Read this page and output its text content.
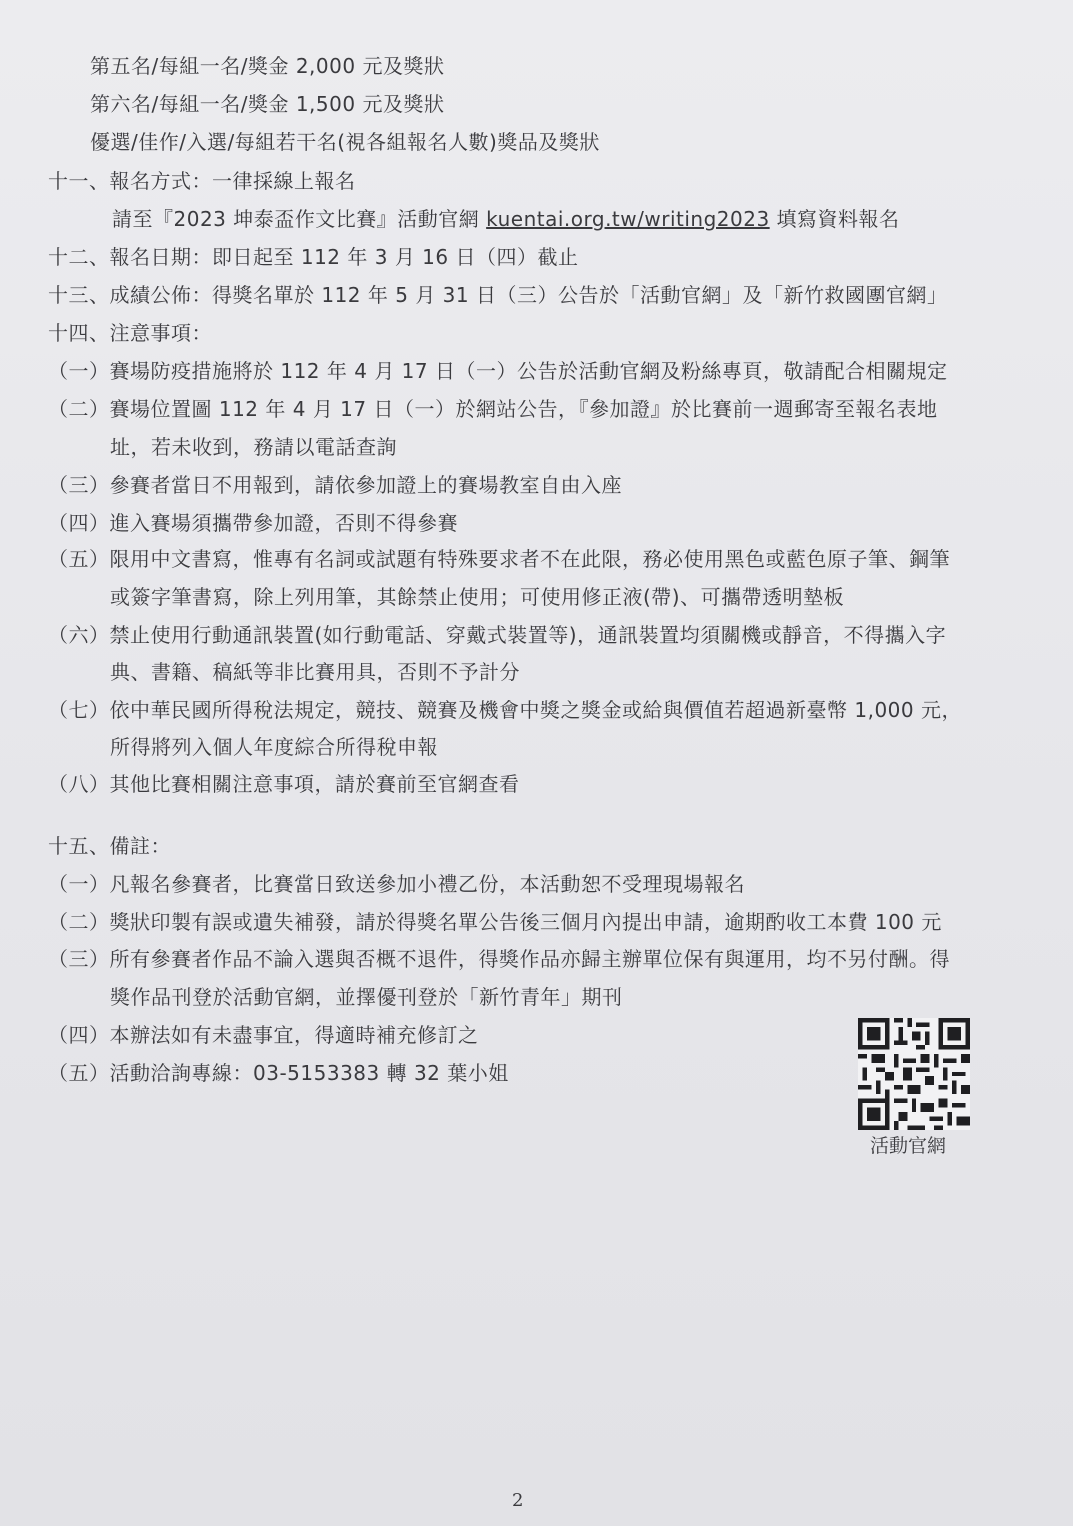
第五名/每組一名/獎金 2,000 元及獎狀
第六名/每組一名/獎金 1,500 元及獎狀
優選/佳作/入選/每組若干名(視各組報名人數)獎品及獎狀
十一、報名方式：一律採線上報名
請至『2023 坤泰盃作文比賽』活動官網 kuentai.org.tw/writing2023 填寫資料報名
十二、報名日期：即日起至 112 年 3 月 16 日（四）截止
十三、成績公佈：得獎名單於 112 年 5 月 31 日（三）公告於「活動官網」及「新竹救國團官網」
十四、注意事項：
（一）賽場防疫措施將於 112 年 4 月 17 日（一）公告於活動官網及粉絲專頁，敬請配合相關規定
（二）賽場位置圖 112 年 4 月 17 日（一）於網站公告，『參加證』於比賽前一週郵寄至報名表地
址，若未收到，務請以電話查詢
（三）參賽者當日不用報到，請依參加證上的賽場教室自由入座
（四）進入賽場須攜帶參加證，否則不得參賽
（五）限用中文書寫，惟專有名詞或試題有特殊要求者不在此限，務必使用黑色或藍色原子筆、鋼筆
或簽字筆書寫，除上列用筆，其餘禁止使用；可使用修正液(帶)、可攜帶透明墊板
（六）禁止使用行動通訊裝置(如行動電話、穿戴式裝置等)，通訊裝置均須關機或靜音，不得攜入字
典、書籍、稿紙等非比賽用具，否則不予計分
（七）依中華民國所得稅法規定，競技、競賽及機會中獎之獎金或給與價值若超過新臺幣 1,000 元，
所得將列入個人年度綜合所得稅申報
（八）其他比賽相關注意事項，請於賽前至官網查看
十五、備註：
（一）凡報名參賽者，比賽當日致送參加小禮乙份，本活動恕不受理現場報名
（二）獎狀印製有誤或遺失補發，請於得獎名單公告後三個月內提出申請，逾期酌收工本費 100 元
（三）所有參賽者作品不論入選與否概不退件，得獎作品亦歸主辦單位保有與運用，均不另付酬。得
獎作品刊登於活動官網，並擇優刊登於「新竹青年」期刊
（四）本辦法如有未盡事宜，得適時補充修訂之
（五）活動洽詢專線：03-5153383 轉 32 葉小姐
活動官網
2
